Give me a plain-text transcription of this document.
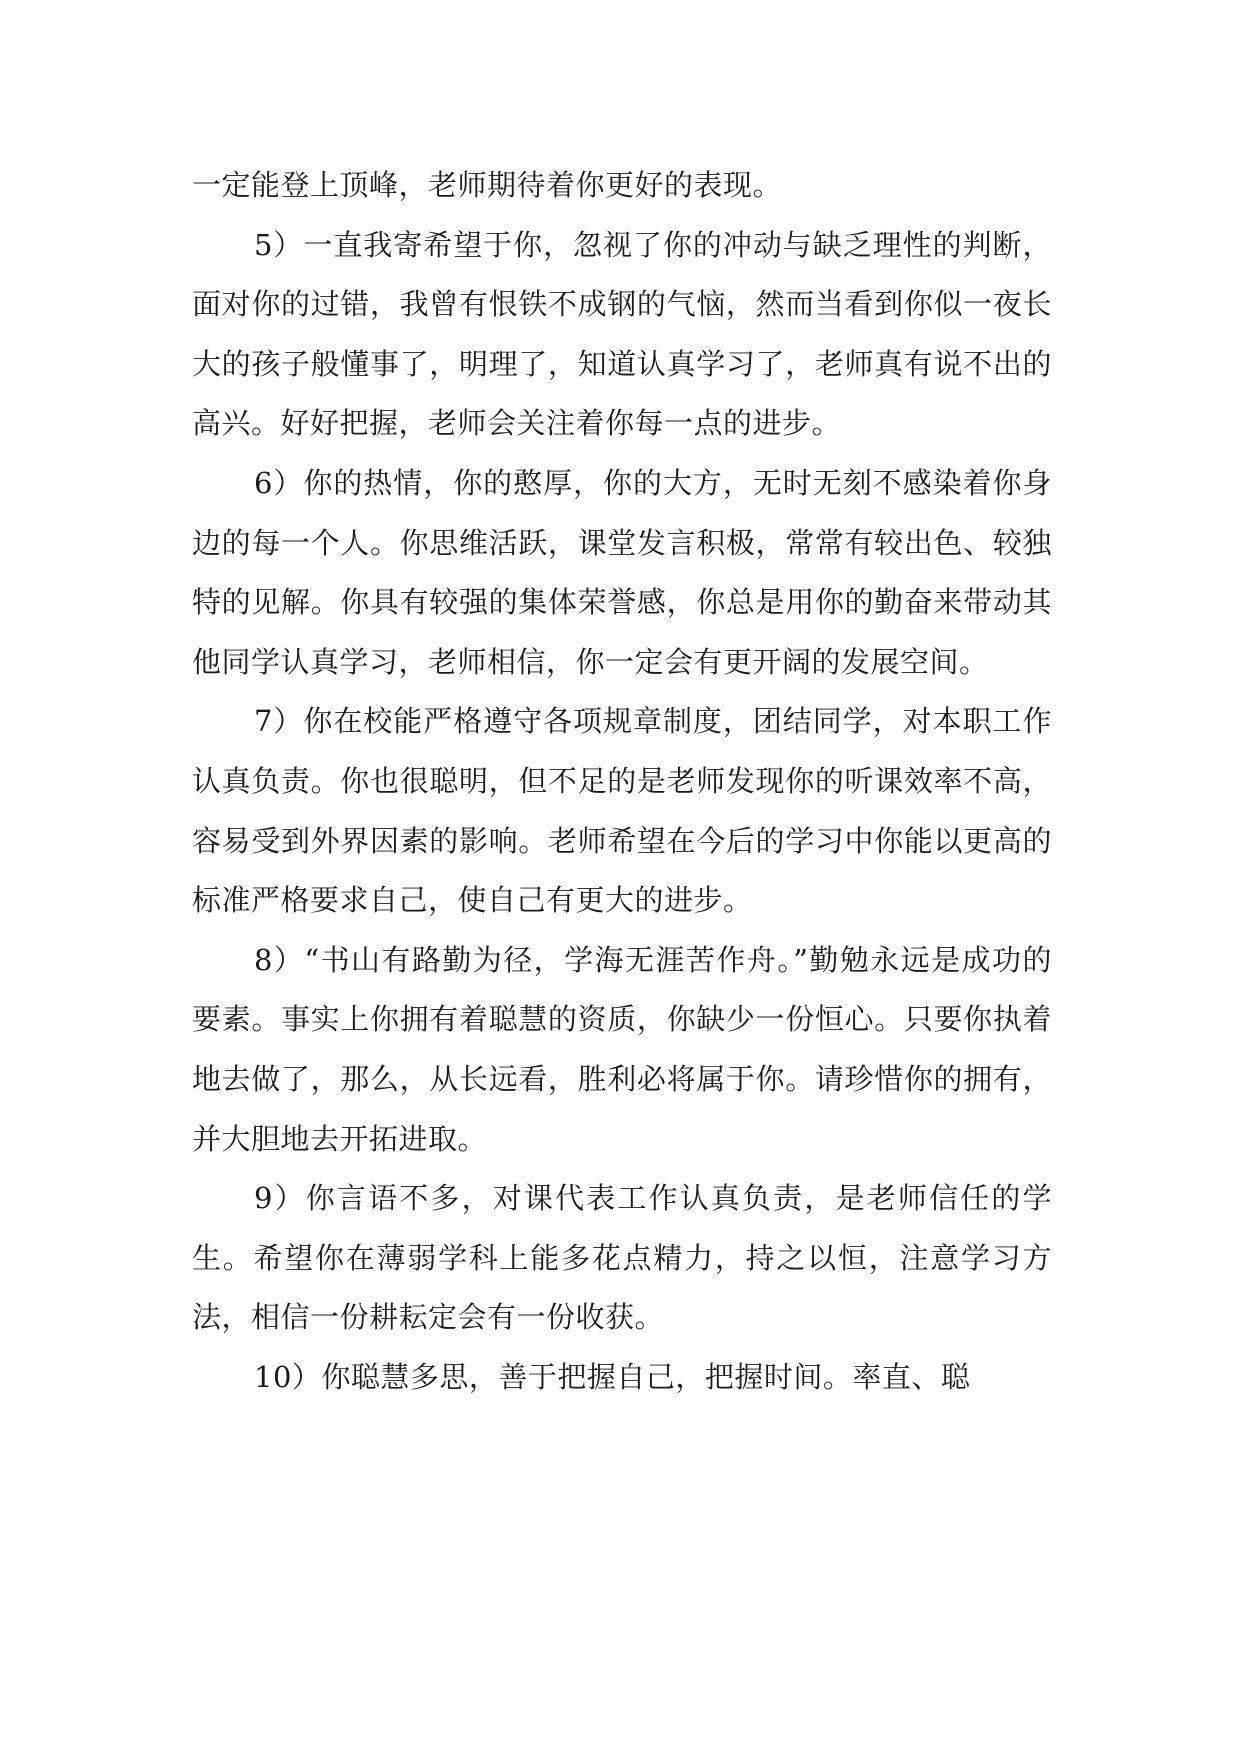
一定能登上顶峰，老师期待着你更好的表现。

5）一直我寄希望于你，忽视了你的冲动与缺乏理性的判断，面对你的过错，我曾有恨铁不成钢的气恼，然而当看到你似一夜长大的孩子般懂事了，明理了，知道认真学习了，老师真有说不出的高兴。好好把握，老师会关注着你每一点的进步。

6）你的热情，你的憨厚，你的大方，无时无刻不感染着你身边的每一个人。你思维活跃，课堂发言积极，常常有较出色、较独特的见解。你具有较强的集体荣誉感，你总是用你的勤奋来带动其他同学认真学习，老师相信，你一定会有更开阔的发展空间。

7）你在校能严格遵守各项规章制度，团结同学，对本职工作认真负责。你也很聪明，但不足的是老师发现你的听课效率不高，容易受到外界因素的影响。老师希望在今后的学习中你能以更高的标准严格要求自己，使自己有更大的进步。

8）“书山有路勤为径，学海无涯苦作舟。”勤勉永远是成功的要素。事实上你拥有着聪慧的资质，你缺少一份恒心。只要你执着地去做了，那么，从长远看，胜利必将属于你。请珍惜你的拥有，并大胆地去开拓进取。

9）你言语不多，对课代表工作认真负责，是老师信任的学生。希望你在薄弱学科上能多花点精力，持之以恒，注意学习方法，相信一份耕耘定会有一份收获。

10）你聪慧多思，善于把握自己，把握时间。率直、聪
